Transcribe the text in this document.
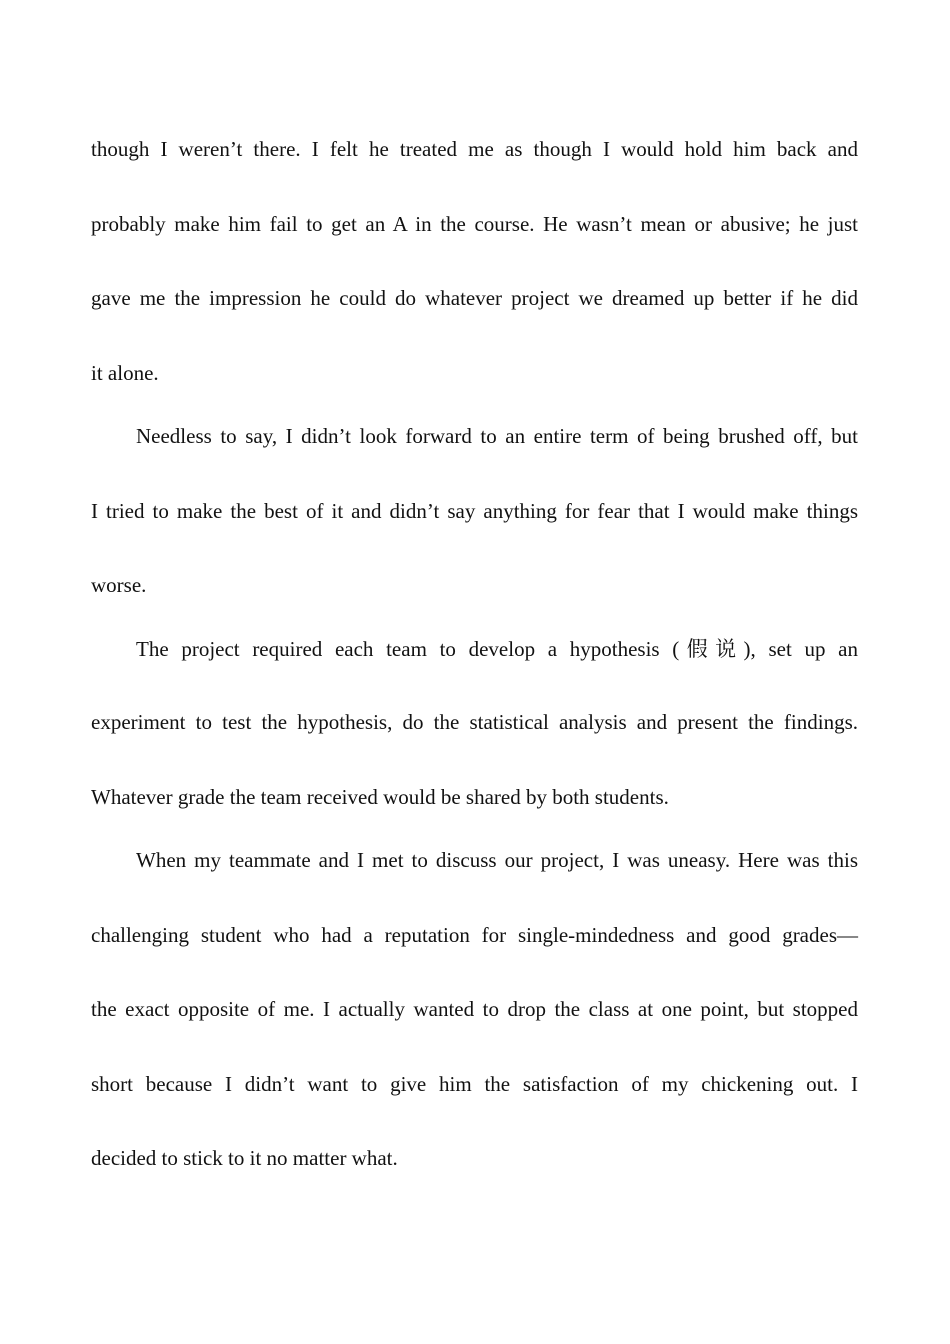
though I weren’t there. I felt he treated me as though I would hold him back and
probably make him fail to get an A in the course. He wasn’t mean or abusive; he just
gave me the impression he could do whatever project we dreamed up better if he did
it alone.
Needless to say, I didn’t look forward to an entire term of being brushed off, but
I tried to make the best of it and didn’t say anything for fear that I would make things
worse.
The project required each team to develop a hypothesis (假说), set up an
experiment to test the hypothesis, do the statistical analysis and present the findings.
Whatever grade the team received would be shared by both students.
When my teammate and I met to discuss our project, I was uneasy. Here was this
challenging student who had a reputation for single-mindedness and good grades—
the exact opposite of me. I actually wanted to drop the class at one point, but stopped
short because I didn’t want to give him the satisfaction of my chickening out. I
decided to stick to it no matter what.
